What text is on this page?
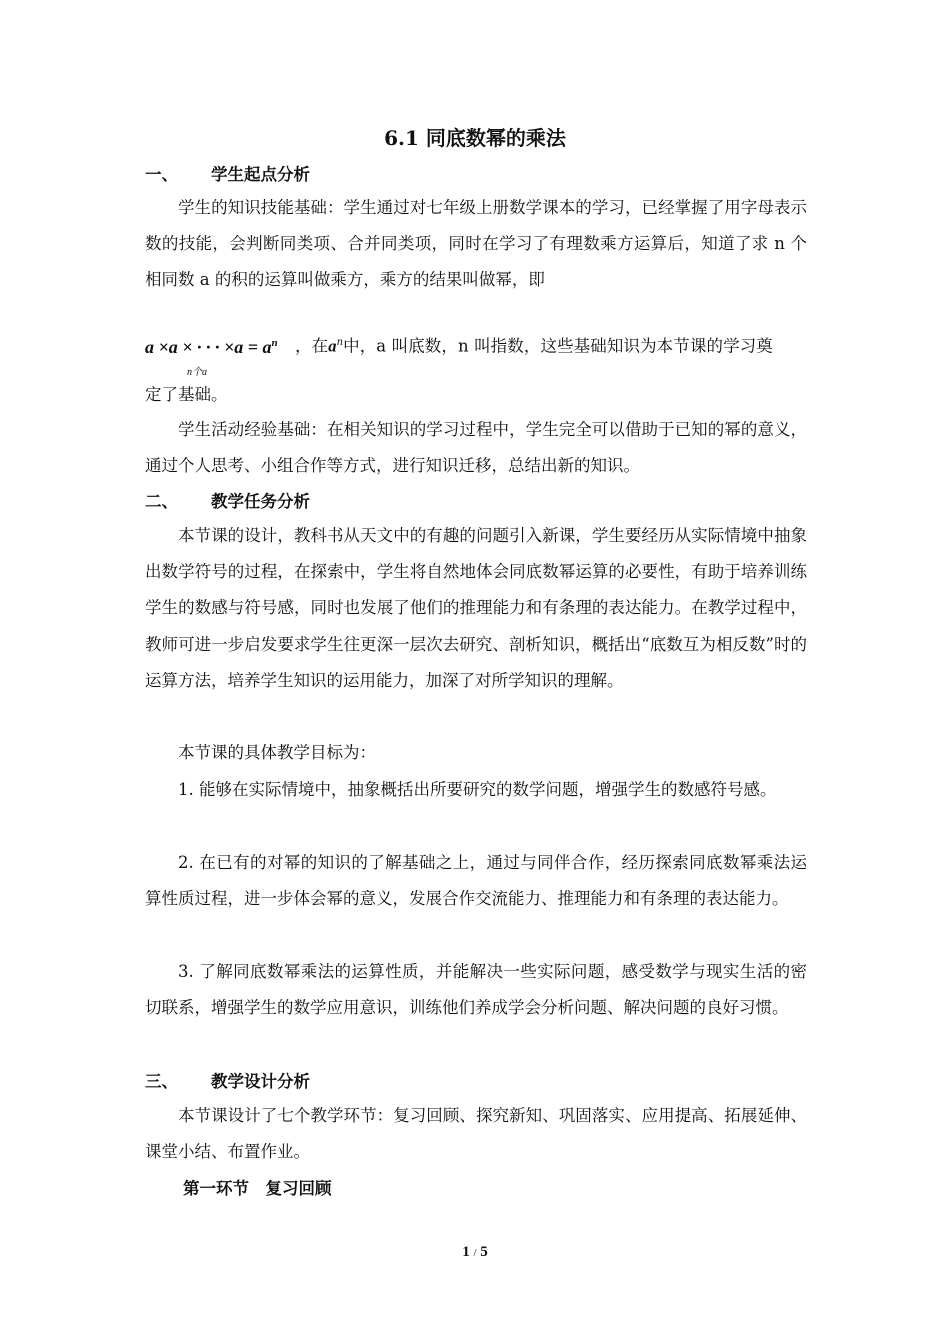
6.1 同底数幂的乘法
一、 学生起点分析

学生的知识技能基础：学生通过对七年级上册数学课本的学习，已经掌握了用字母表示数的技能，会判断同类项、合并同类项，同时在学习了有理数乘方运算后，知道了求 n 个相同数 a 的积的运算叫做乘方，乘方的结果叫做幂，即

a ×a × · · · $\times a = a^n$
n个a
，在$a^n$中，a 叫底数，n 叫指数，这些基础知识为本节课的学习奠

定了基础。

学生活动经验基础：在相关知识的学习过程中，学生完全可以借助于已知的幂的意义，通过个人思考、小组合作等方式，进行知识迁移，总结出新的知识。

二、 教学任务分析

本节课的设计，教科书从天文中的有趣的问题引入新课，学生要经历从实际情境中抽象出数学符号的过程，在探索中，学生将自然地体会同底数幂运算的必要性，有助于培养训练学生的数感与符号感，同时也发展了他们的推理能力和有条理的表达能力。在教学过程中，教师可进一步启发要求学生往更深一层次去研究、剖析知识，概括出“底数互为相反数”时的运算方法，培养学生知识的运用能力，加深了对所学知识的理解。

本节课的具体教学目标为：

1. 能够在实际情境中，抽象概括出所要研究的数学问题，增强学生的数感符号感。

2. 在已有的对幂的知识的了解基础之上，通过与同伴合作，经历探索同底数幂乘法运算性质过程，进一步体会幂的意义，发展合作交流能力、推理能力和有条理的表达能力。

3. 了解同底数幂乘法的运算性质，并能解决一些实际问题，感受数学与现实生活的密切联系，增强学生的数学应用意识，训练他们养成学会分析问题、解决问题的良好习惯。

三、 教学设计分析

本节课设计了七个教学环节：复习回顾、探究新知、巩固落实、应用提高、拓展延伸、课堂小结、布置作业。

第一环节　复习回顾
1 / 5
